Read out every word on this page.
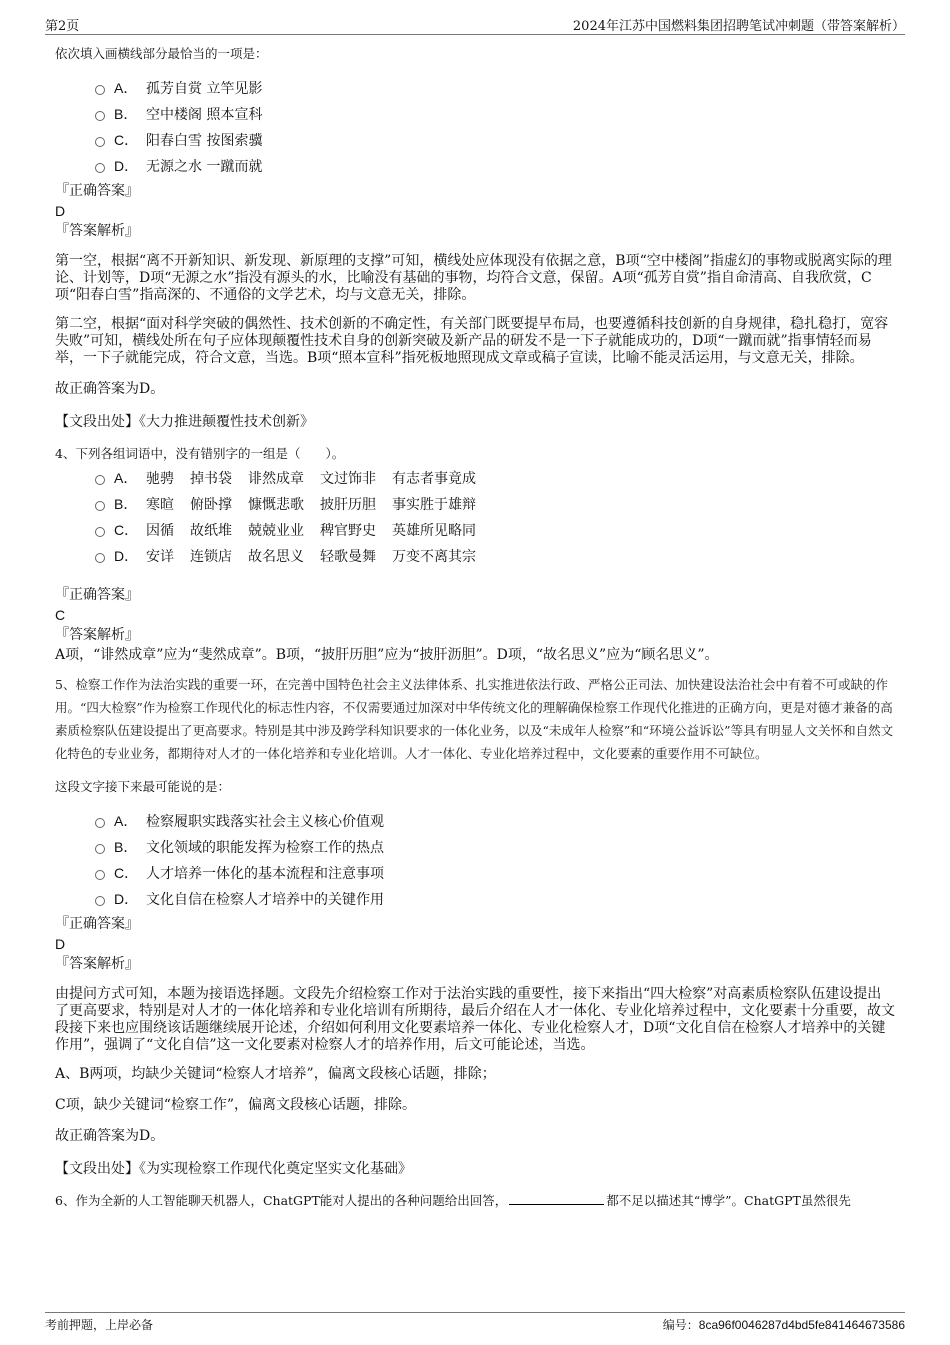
第2页	2024年江苏中国燃料集团招聘笔试冲刺题（带答案解析）
依次填入画横线部分最恰当的一项是：
A． 孤芳自赏 立竿见影
B． 空中楼阁 照本宣科
C． 阳春白雪 按图索骥
D． 无源之水 一蹴而就
『正确答案』
D
『答案解析』

第一空，根据“离不开新知识、新发现、新原理的支撑”可知，横线处应体现没有依据之意，B项“空中楼阁”指虚幻的事物或脱离实际的理论、计划等，D项“无源之水”指没有源头的水，比喻没有基础的事物，均符合文意，保留。A项“孤芳自赏”指自命清高、自我欣赏，C项“阳春白雪”指高深的、不通俗的文学艺术，均与文意无关，排除。

第二空，根据“面对科学突破的偶然性、技术创新的不确定性，有关部门既要提早布局，也要遵循科技创新的自身规律，稳扎稳打，宽容失败”可知，横线处所在句子应体现颠覆性技术自身的创新突破及新产品的研发不是一下子就能成功的，D项“一蹴而就”指事情轻而易举，一下子就能完成，符合文意，当选。B项“照本宣科”指死板地照现成文章或稿子宣读，比喻不能灵活运用，与文意无关，排除。

故正确答案为D。

【文段出处】《大力推进颠覆性技术创新》
4、下列各组词语中，没有错别字的一组是（　　）。
A． 驰骋 掉书袋 诽然成章 文过饰非 有志者事竟成
B． 寒暄 俯卧撑 慷慨悲歌 披肝历胆 事实胜于雄辩
C． 因循 故纸堆 兢兢业业 稗官野史 英雄所见略同
D． 安详 连锁店 故名思义 轻歌曼舞 万变不离其宗
『正确答案』
C
『答案解析』
A项，“诽然成章”应为“斐然成章”。B项，“披肝历胆”应为“披肝沥胆”。D项，“故名思义”应为“顾名思义”。
5、检察工作作为法治实践的重要一环，在完善中国特色社会主义法律体系、扎实推进依法行政、严格公正司法、加快建设法治社会中有着不可或缺的作用。“四大检察”作为检察工作现代化的标志性内容，不仅需要通过加深对中华传统文化的理解确保检察工作现代化推进的正确方向，更是对德才兼备的高素质检察队伍建设提出了更高要求。特别是其中涉及跨学科知识要求的一体化业务，以及“未成年人检察”和“环境公益诉讼”等具有明显人文关怀和自然文化特色的专业业务，都期待对人才的一体化培养和专业化培训。人才一体化、专业化培养过程中，文化要素的重要作用不可缺位。
这段文字接下来最可能说的是：
A． 检察履职实践落实社会主义核心价值观
B． 文化领域的职能发挥为检察工作的热点
C． 人才培养一体化的基本流程和注意事项
D． 文化自信在检察人才培养中的关键作用
『正确答案』
D
『答案解析』

由提问方式可知，本题为接语选择题。文段先介绍检察工作对于法治实践的重要性，接下来指出“四大检察”对高素质检察队伍建设提出了更高要求，特别是对人才的一体化培养和专业化培训有所期待，最后介绍在人才一体化、专业化培养过程中，文化要素十分重要，故文段接下来也应围绕该话题继续展开论述，介绍如何利用文化要素培养一体化、专业化检察人才，D项“文化自信在检察人才培养中的关键作用”，强调了“文化自信”这一文化要素对检察人才的培养作用，后文可能论述，当选。

A、B两项，均缺少关键词“检察人才培养”，偏离文段核心话题，排除；

C项，缺少关键词“检察工作”，偏离文段核心话题，排除。

故正确答案为D。

【文段出处】《为实现检察工作现代化奠定坚实文化基础》
6、作为全新的人工智能聊天机器人，ChatGPT能对人提出的各种问题给出回答，	都不足以描述其“博学”。ChatGPT虽然很先
考前押题，上岸必备	编号：8ca96f0046287d4bd5fe841464673586
